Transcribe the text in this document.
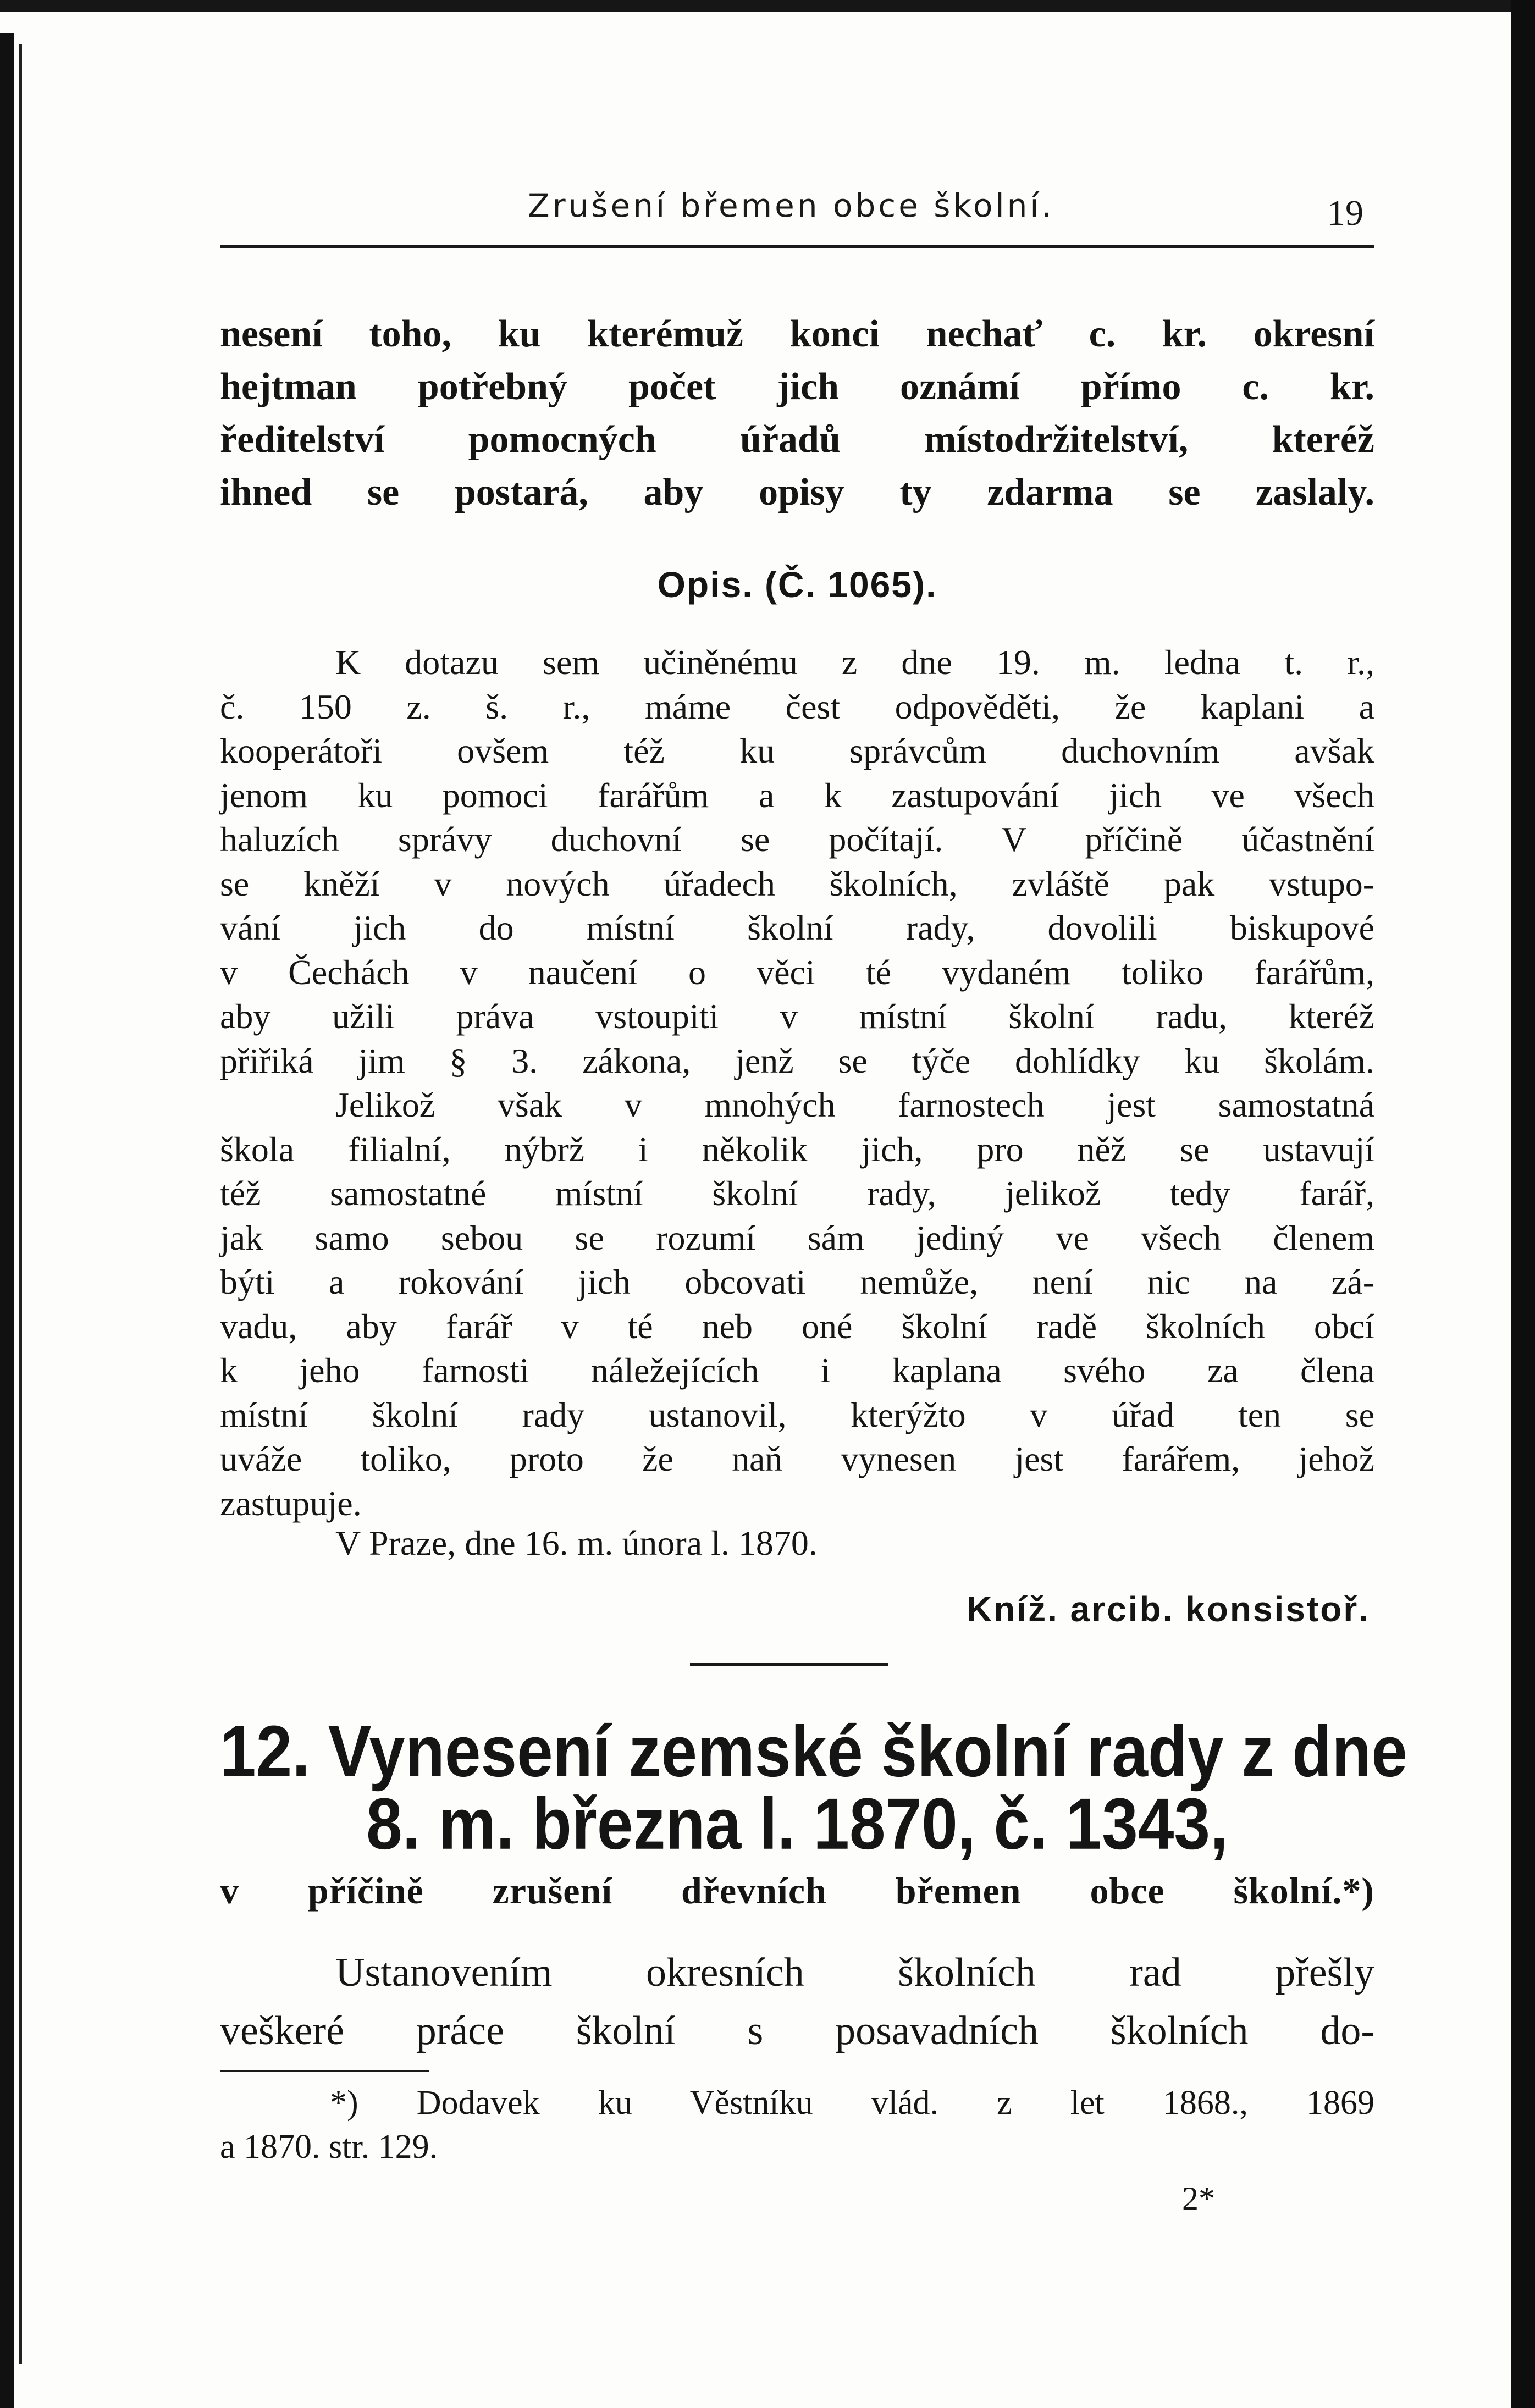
Zrušení břemen obce školní.	19
nesení toho, ku kterémuž konci nechať c. kr. okresní
hejtman potřebný počet jich oznámí přímo c. kr.
ředitelství pomocných úřadů místodržitelství, kteréž
ihned se postará, aby opisy ty zdarma se zaslaly.
Opis. (Č. 1065).
K dotazu sem učiněnému z dne 19. m. ledna t. r.,
č. 150 z. š. r., máme čest odpověděti, že kaplani a
kooperátoři ovšem též ku správcům duchovním avšak
jenom ku pomoci farářům a k zastupování jich ve všech
haluzích správy duchovní se počítají. V příčině účastnění
se kněží v nových úřadech školních, zvláště pak vstupo-
vání jich do místní školní rady, dovolili biskupové
v Čechách v naučení o věci té vydaném toliko farářům,
aby užili práva vstoupiti v místní školní radu, kteréž
přiřiká jim § 3. zákona, jenž se týče dohlídky ku školám.
Jelikož však v mnohých farnostech jest samostatná
škola filialní, nýbrž i několik jich, pro něž se ustavují
též samostatné místní školní rady, jelikož tedy farář,
jak samo sebou se rozumí sám jediný ve všech členem
býti a rokování jich obcovati nemůže, není nic na zá-
vadu, aby farář v té neb oné školní radě školních obcí
k jeho farnosti náležejících i kaplana svého za člena
místní školní rady ustanovil, kterýžto v úřad ten se
uváže toliko, proto že naň vynesen jest farářem, jehož
zastupuje.
V Praze, dne 16. m. února l. 1870.
Kníž. arcib. konsistoř.
12. Vynesení zemské školní rady z dne
8. m. března l. 1870, č. 1343,
v příčině zrušení dřevních břemen obce školní.*)
Ustanovením okresních školních rad přešly
veškeré práce školní s posavadních školních do-
*) Dodavek ku Věstníku vlád. z let 1868., 1869
a 1870. str. 129.
2*
